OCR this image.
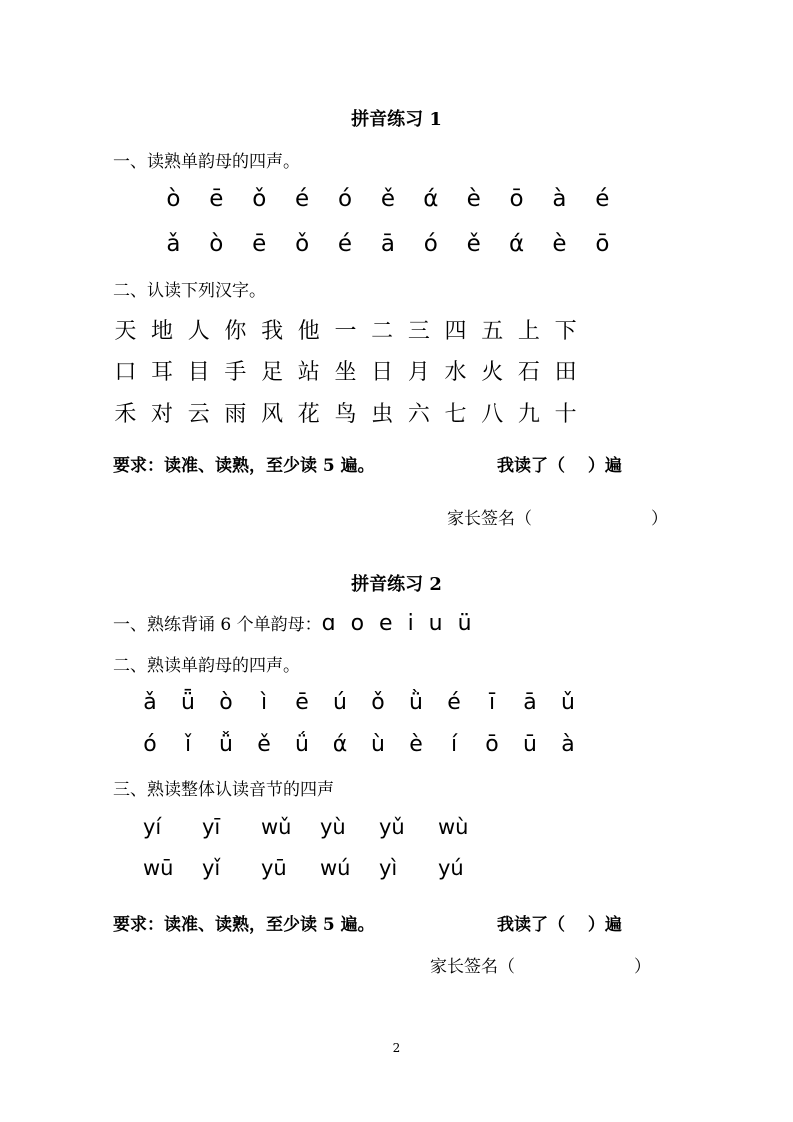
拼音练习 1
一、读熟单韵母的四声。
ò	ē	ǒ	é	ó	ě	ά	è	ō	à	é
ǎ	ò	ē	ǒ	é	ā	ó	ě	ά	è	ō
二、认读下列汉字。
天 地 人 你 我 他 一 二 三 四 五 上 下
口 耳 目 手 足 站 坐 日 月 水 火 石 田
禾 对 云 雨 风 花 鸟 虫 六 七 八 九 十
要求：读准、读熟，至少读 5 遍。	我读了（　 ）遍
家长签名（　　　　　　　）
拼音练习 2
一、熟练背诵 6 个单韵母：ɑ o e i u ü
二、熟读单韵母的四声。
ǎ	ǖ	ò	ì	ē	ú	ǒ	ǜ	é	ī	ā	ǔ
ó	ǐ	ǚ	ě	ǘ	ά	ù	è	í	ō	ū	à
三、熟读整体认读音节的四声
yí	yī	wǔ	yù	yǔ	wù
wū	yǐ	yū	wú	yì	yú
要求：读准、读熟，至少读 5 遍。	我读了（　 ）遍
家长签名（　　　　　　　）
2
